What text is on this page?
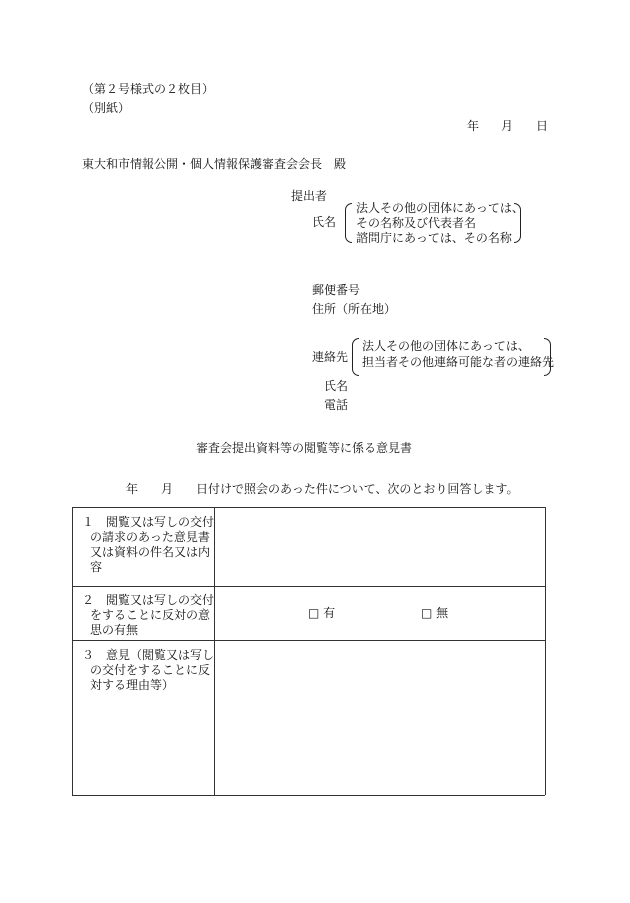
（第２号様式の２枚目）
（別紙）
年 月 日
東大和市情報公開・個人情報保護審査会会長　殿
提出者
氏名
法人その他の団体にあっては、
その名称及び代表者名
諮問庁にあっては、その名称
郵便番号
住所（所在地）
連絡先
法人その他の団体にあっては、
担当者その他連絡可能な者の連絡先
氏名
電話
審査会提出資料等の閲覧等に係る意見書
年 月 日付けで照会のあった件について、次のとおり回答します。
１　閲覧又は写しの交付
の請求のあった意見書
又は資料の件名又は内
容
２　閲覧又は写しの交付
をすることに反対の意
思の有無
□ 有	□ 無
３　意見（閲覧又は写し
の交付をすることに反
対する理由等）
